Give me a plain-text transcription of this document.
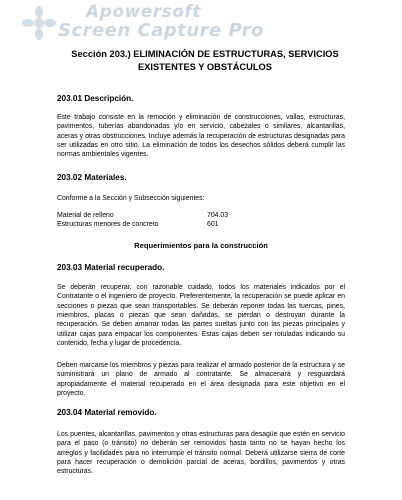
Apowersoft
Screen Capture Pro
Sección 203.) ELIMINACIÓN DE ESTRUCTURAS, SERVICIOS
EXISTENTES Y OBSTÁCULOS
203.01 Descripción.
Este trabajo consiste en la remoción y eliminación de construcciones, vallas, estructuras, pavimentos, tuberías abandonadas y/o en servicio, cabezales o similares, alcantarillas, aceras y otras obstrucciones. Incluye además la recuperación de estructuras designadas para ser utilizadas en otro sitio. La eliminación de todos los desechos sólidos deberá cumplir las normas ambientales vigentes.
203.02 Materiales.
Conforme a la Sección y Subsección siguientes:
Material de relleno	704.03
Estructuras menores de concreto	601
Requerimientos para la construcción
203.03 Material recuperado.
Se deberán recuperar, con razonable cuidado, todos los materiales indicados por el Contratante o el ingeniero de proyecto. Preferentemente, la recuperación se puede aplicar en secciones o piezas que sean transportables. Se deberán reponer todas las tuercas, pines, miembros, placas o piezas que sean dañadas, se pierdan o destruyan durante la recuperación. Se deben amarrar todas las partes sueltas junto con las piezas principales y utilizar cajas para empacar los componentes. Estas cajas deben ser rotuladas indicando su contenido, fecha y lugar de procedencia.
Deben marcarse los miembros y piezas para realizar el armado posterior de la estructura y se suministrará un plano de armado al contratante. Se almacenará y resguardará apropiadamente el material recuperado en el área designada para este objetivo en el proyecto.
203.04 Material removido.
Los puentes, alcantarillas, pavimentos y otras estructuras para desagüe que estén en servicio para el paso (o tránsito) no deberán ser removidos hasta tanto no se hayan hecho los arreglos y facilidades para no interrumpir el tránsito normal. Deberá utilizarse sierra de corte para hacer recuperación o demolición parcial de aceras, bordillos, pavimentos y otras estructuras.
